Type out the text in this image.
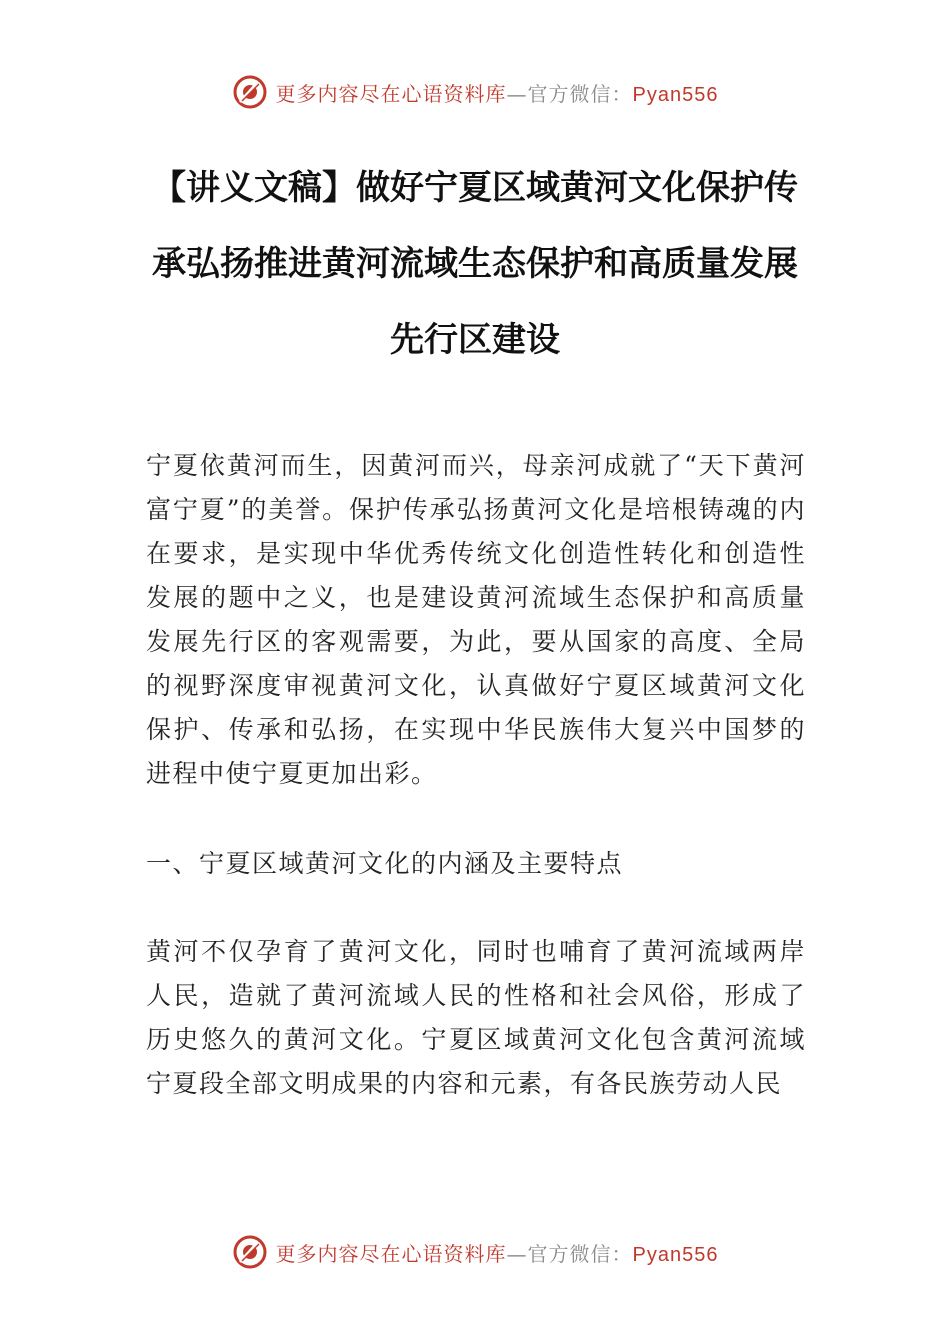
更多内容尽在心语资料库—官方微信：Pyan556
【讲义文稿】做好宁夏区域黄河文化保护传承弘扬推进黄河流域生态保护和高质量发展先行区建设

宁夏依黄河而生，因黄河而兴，母亲河成就了“天下黄河富宁夏”的美誉。保护传承弘扬黄河文化是培根铸魂的内在要求，是实现中华优秀传统文化创造性转化和创造性发展的题中之义，也是建设黄河流域生态保护和高质量发展先行区的客观需要，为此，要从国家的高度、全局的视野深度审视黄河文化，认真做好宁夏区域黄河文化保护、传承和弘扬，在实现中华民族伟大复兴中国梦的进程中使宁夏更加出彩。

一、宁夏区域黄河文化的内涵及主要特点

黄河不仅孕育了黄河文化，同时也哺育了黄河流域两岸人民，造就了黄河流域人民的性格和社会风俗，形成了历史悠久的黄河文化。宁夏区域黄河文化包含黄河流域宁夏段全部文明成果的内容和元素，有各民族劳动人民

更多内容尽在心语资料库—官方微信：Pyan556
